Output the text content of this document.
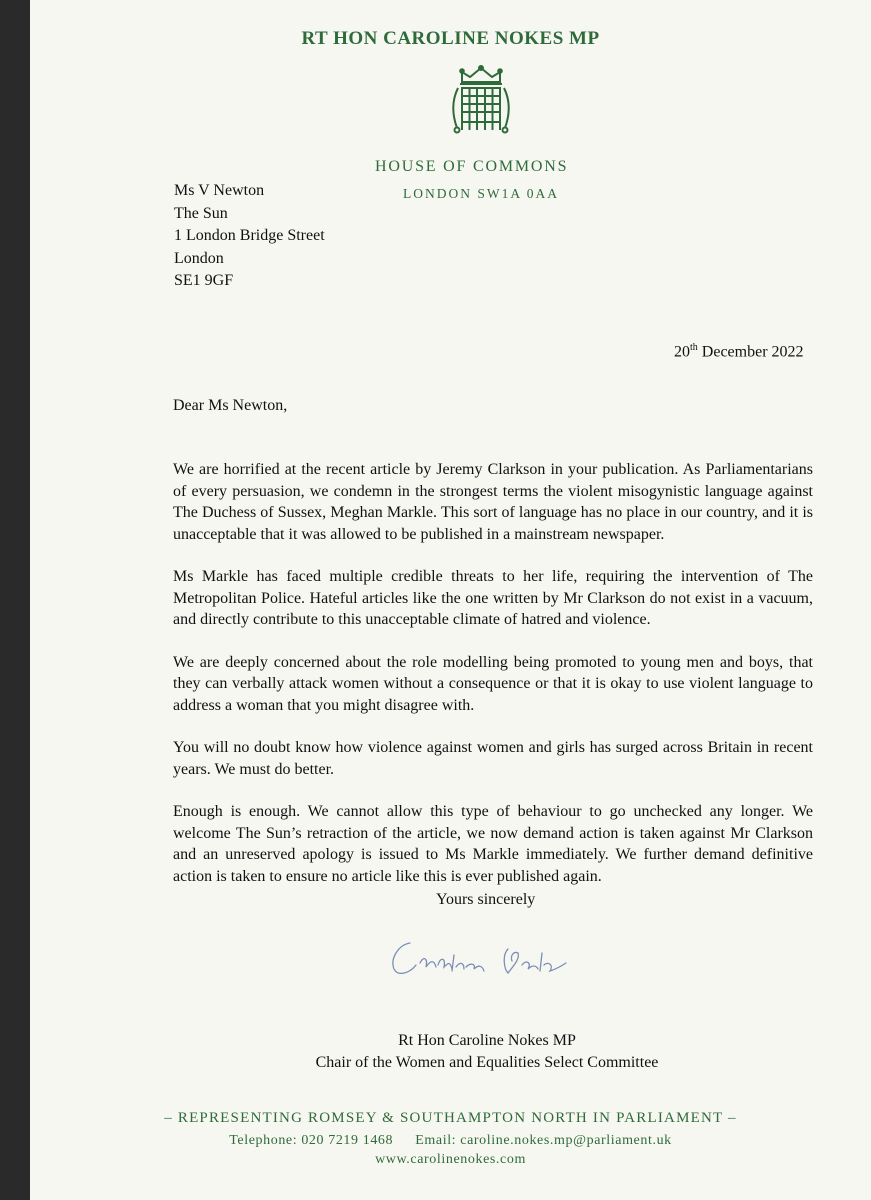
RT HON CAROLINE NOKES MP
HOUSE OF COMMONS
LONDON SW1A 0AA
Ms V Newton
The Sun
1 London Bridge Street
London
SE1 9GF
20th December 2022
Dear Ms Newton,

We are horrified at the recent article by Jeremy Clarkson in your publication. As Parliamentarians of every persuasion, we condemn in the strongest terms the violent misogynistic language against The Duchess of Sussex, Meghan Markle. This sort of language has no place in our country, and it is unacceptable that it was allowed to be published in a mainstream newspaper.

Ms Markle has faced multiple credible threats to her life, requiring the intervention of The Metropolitan Police. Hateful articles like the one written by Mr Clarkson do not exist in a vacuum, and directly contribute to this unacceptable climate of hatred and violence.

We are deeply concerned about the role modelling being promoted to young men and boys, that they can verbally attack women without a consequence or that it is okay to use violent language to address a woman that you might disagree with.

You will no doubt know how violence against women and girls has surged across Britain in recent years. We must do better.

Enough is enough. We cannot allow this type of behaviour to go unchecked any longer. We welcome The Sun’s retraction of the article, we now demand action is taken against Mr Clarkson and an unreserved apology is issued to Ms Markle immediately. We further demand definitive action is taken to ensure no article like this is ever published again.

Yours sincerely
Rt Hon Caroline Nokes MP
Chair of the Women and Equalities Select Committee
– REPRESENTING ROMSEY & SOUTHAMPTON NORTH IN PARLIAMENT –
Telephone: 020 7219 1468 Email: caroline.nokes.mp@parliament.uk
www.carolinenokes.com
